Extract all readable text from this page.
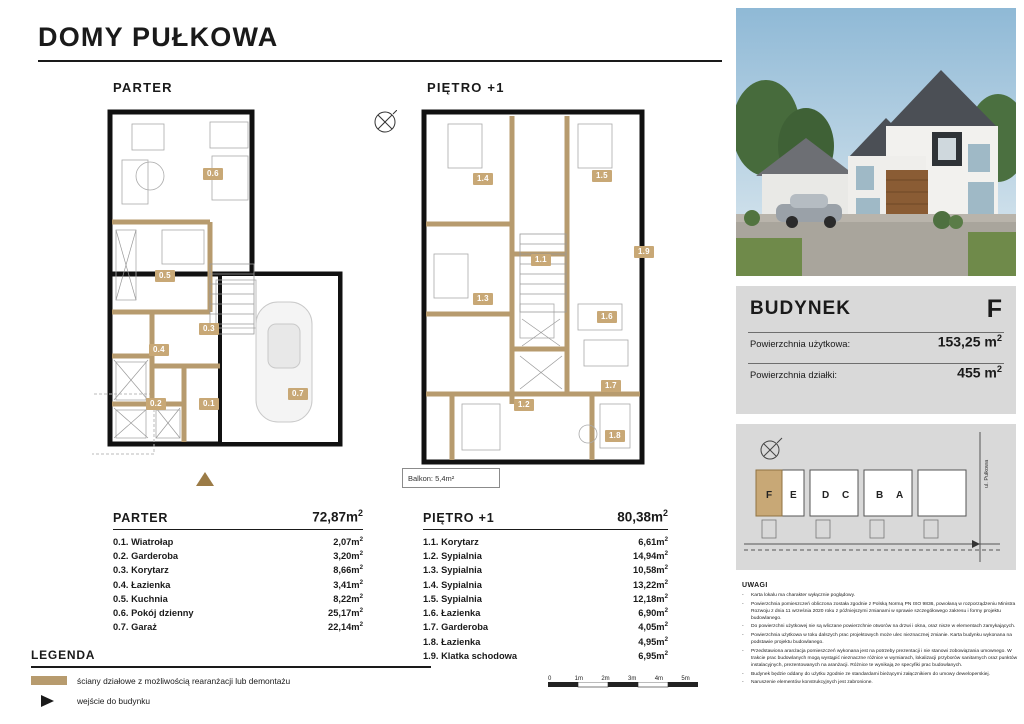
DOMY PUŁKOWA
PARTER	PIĘTRO +1
0.6
0.5
0.3
0.4
0.2	0.1
0.7
1.4	1.5
1.1
1.9
1.3
1.6
1.7
1.2
1.8
Balkon: 5,4m²
PARTER	$72,87m^2$
0.1. Wiatrołap	$2,07m^2$
0.2. Garderoba	$3,20m^2$
0.3. Korytarz	$8,66m^2$
0.4. Łazienka	$3,41m^2$
0.5. Kuchnia	$8,22m^2$
0.6. Pokój dzienny	$25,17m^2$
0.7. Garaż	$22,14m^2$
PIĘTRO +1	$80,38m^2$
1.1. Korytarz	$6,61m^2$
1.2. Sypialnia	$14,94m^2$
1.3. Sypialnia	$10,58m^2$
1.4. Sypialnia	$13,22m^2$
1.5. Sypialnia	$12,18m^2$
1.6. Łazienka	$6,90m^2$
1.7. Garderoba	$4,05m^2$
1.8. Łazienka	$4,95m^2$
1.9. Klatka schodowa	$6,95m^2$
LEGENDA
ściany działowe z możliwością rearanżacji lub demontażu
wejście do budynku
0	1m	2m	3m	4m	5m
BUDYNEK	F
Powierzchnia użytkowa:	153,25 $m^2$
Powierzchnia działki:	455 $m^2$
F E	D C	B A
ul. Pułkowa
UWAGI
-	Karta lokalu ma charakter wyłącznie poglądowy.
-	Powierzchnia pomieszczeń obliczona została zgodnie z Polską Normą PN ISO 9836, powołaną w rozporządzeniu Ministra Rozwoju z dnia 11 września 2020 roku z późniejszymi zmianami w sprawie szczegółowego zakresu i formy projektu budowlanego.
-	Do powierzchni użytkowej nie są wliczane powierzchnie otworów na drzwi i okna, oraz nisze w elementach zamykających.
-	Powierzchnia użytkowa w toku dalszych prac projektowych może ulec nieznacznej zmianie. Karta budynku wykonana na podstawie projektu budowlanego.
-	Przedstawiona aranżacja pomieszczeń wykonana jest na potrzeby prezentacji i nie stanowi zobowiązania umownego. W trakcie prac budowlanych mogą wystąpić nieznaczne różnice w wymiarach, lokalizacji przyborów sanitarnych oraz punktów instalacyjnych, prezentowanych na aranżacji. Różnice te wynikają ze specyfiki prac budowlanych.
-	Budynek będzie oddany do użytku zgodnie ze standardami bieżącymi załącznikiem do umowy deweloperskiej.
-	Naruszenie elementów konstrukcyjnych jest zabronione.
